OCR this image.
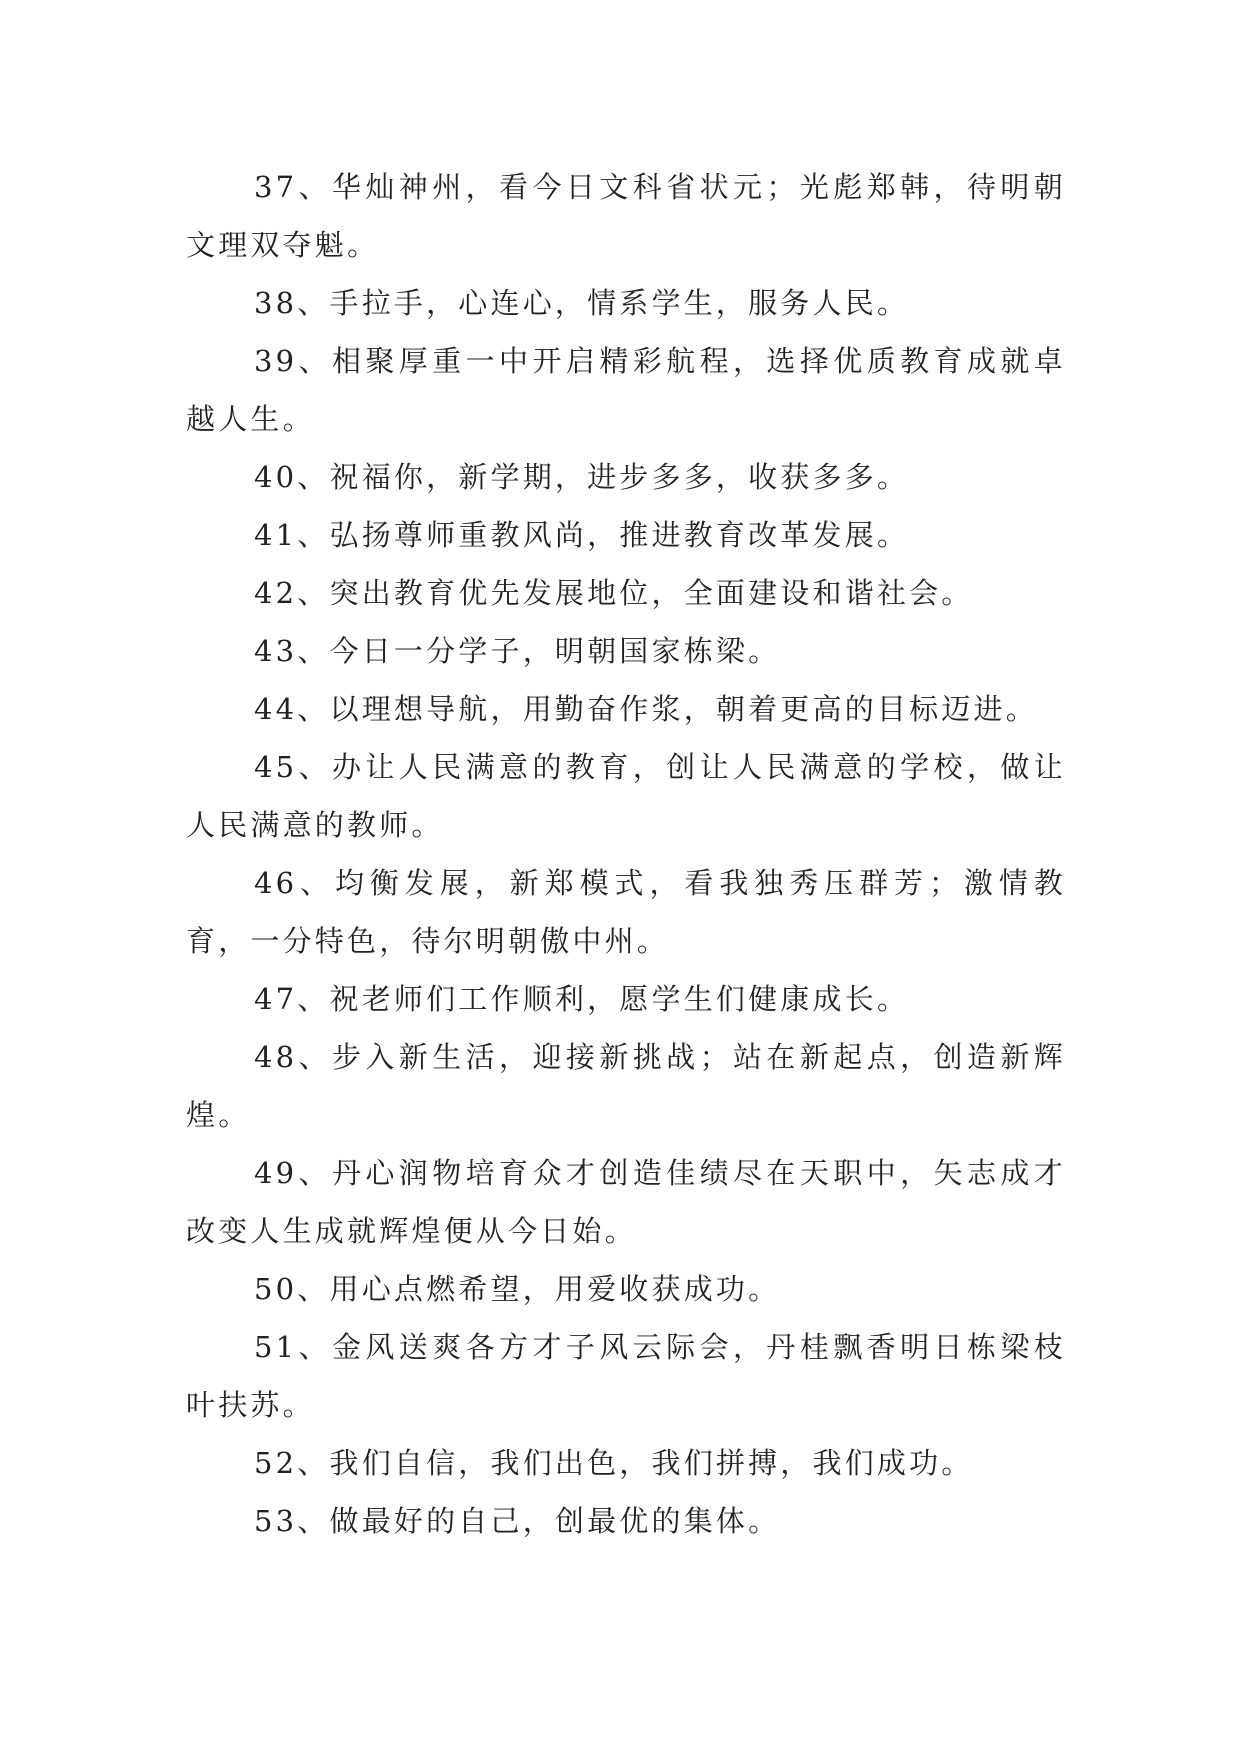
37、华灿神州，看今日文科省状元；光彪郑韩，待明朝文理双夺魁。

38、手拉手，心连心，情系学生，服务人民。

39、相聚厚重一中开启精彩航程，选择优质教育成就卓越人生。

40、祝福你，新学期，进步多多，收获多多。

41、弘扬尊师重教风尚，推进教育改革发展。

42、突出教育优先发展地位，全面建设和谐社会。

43、今日一分学子，明朝国家栋梁。

44、以理想导航，用勤奋作浆，朝着更高的目标迈进。

45、办让人民满意的教育，创让人民满意的学校，做让人民满意的教师。

46、均衡发展，新郑模式，看我独秀压群芳；激情教育，一分特色，待尔明朝傲中州。

47、祝老师们工作顺利，愿学生们健康成长。

48、步入新生活，迎接新挑战；站在新起点，创造新辉煌。

49、丹心润物培育众才创造佳绩尽在天职中，矢志成才改变人生成就辉煌便从今日始。

50、用心点燃希望，用爱收获成功。

51、金风送爽各方才子风云际会，丹桂飘香明日栋梁枝叶扶苏。

52、我们自信，我们出色，我们拼搏，我们成功。

53、做最好的自己，创最优的集体。
